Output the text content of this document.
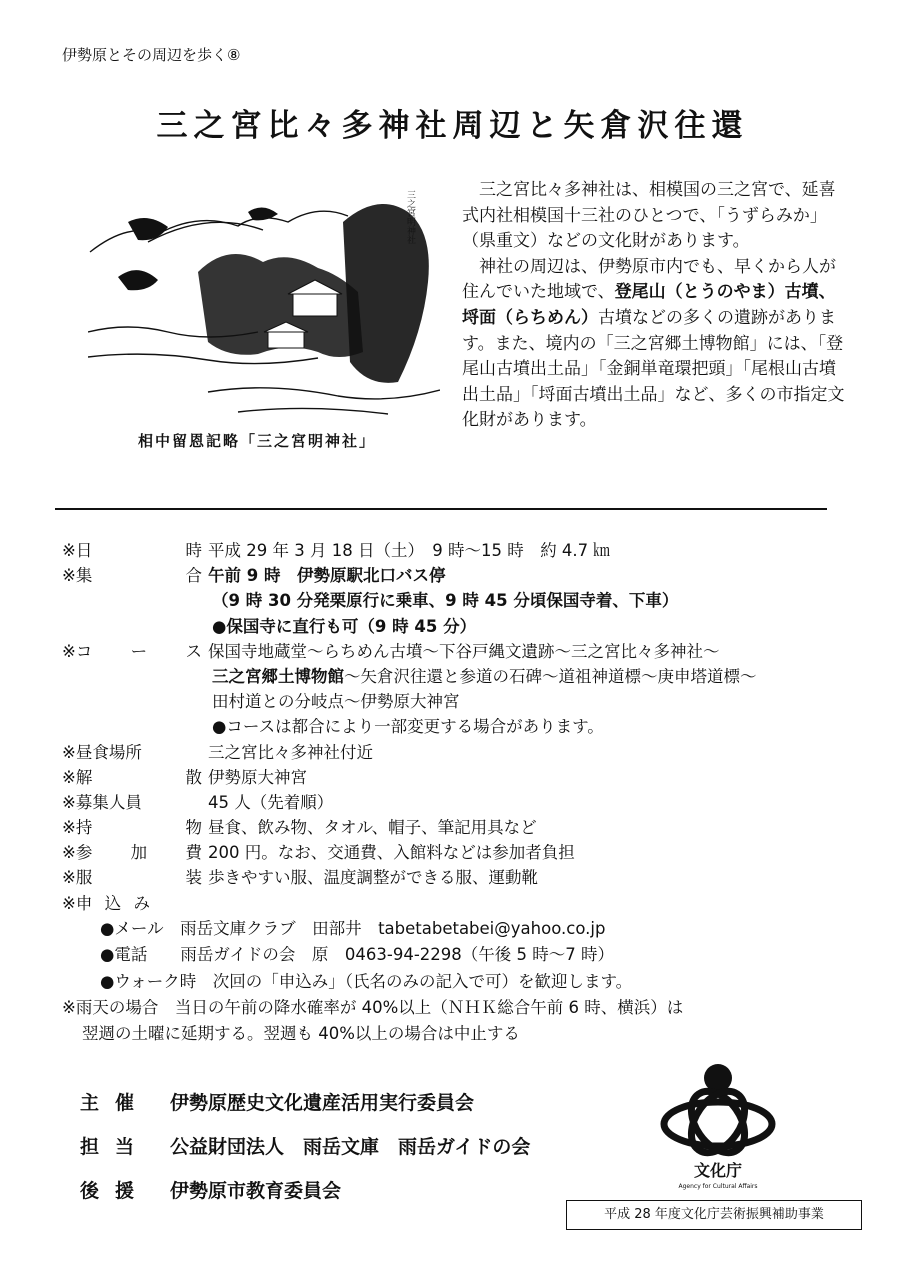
伊勢原とその周辺を歩く⑧
三之宮比々多神社周辺と矢倉沢往還
三之宮明神社
相中留恩記略「三之宮明神社」

三之宮比々多神社は、相模国の三之宮で、延喜式内社相模国十三社のひとつで、「うずらみか」（県重文）などの文化財があります。

神社の周辺は、伊勢原市内でも、早くから人が住んでいた地域で、登尾山（とうのやま）古墳、埒面（らちめん）古墳などの多くの遺跡があります。また、境内の「三之宮郷土博物館」には、「登尾山古墳出土品」「金銅単竜環把頭」「尾根山古墳出土品」「埒面古墳出土品」など、多くの市指定文化財があります。

※日	時 平成 29 年 3 月 18 日（土）　9 時～15 時　約 4.7 ㎞
※集	合 午前 9 時　伊勢原駅北口バス停
（9 時 30 分発栗原行に乗車、9 時 45 分頃保国寺着、下車）
●保国寺に直行も可（9 時 45 分）
※コ ー ス 保国寺地蔵堂～らちめん古墳～下谷戸縄文遺跡～三之宮比々多神社～
三之宮郷土博物館～矢倉沢往還と参道の石碑～道祖神道標～庚申塔道標～
田村道との分岐点～伊勢原大神宮
●コースは都合により一部変更する場合があります。
※昼食場所	三之宮比々多神社付近
※解	散 伊勢原大神宮
※募集人員	45 人（先着順）
※持	物 昼食、飲み物、タオル、帽子、筆記用具など
※参 加 費 200 円。なお、交通費、入館料などは参加者負担
※服	装 歩きやすい服、温度調整ができる服、運動靴
※申 込 み
●メール　雨岳文庫クラブ　田部井　tabetabetabei@yahoo.co.jp
●電話　　雨岳ガイドの会　原　0463-94-2298（午後 5 時～7 時）
●ウォーク時　次回の「申込み」（氏名のみの記入で可）を歓迎します。
※雨天の場合　当日の午前の降水確率が 40%以上（ＮＨＫ総合午前 6 時、横浜）は
翌週の土曜に延期する。翌週も 40%以上の場合は中止する
主催 伊勢原歴史文化遺産活用実行委員会
担当 公益財団法人　雨岳文庫　雨岳ガイドの会
後援 伊勢原市教育委員会
文化庁
Agency for Cultural Affairs
平成 28 年度文化庁芸術振興補助事業
